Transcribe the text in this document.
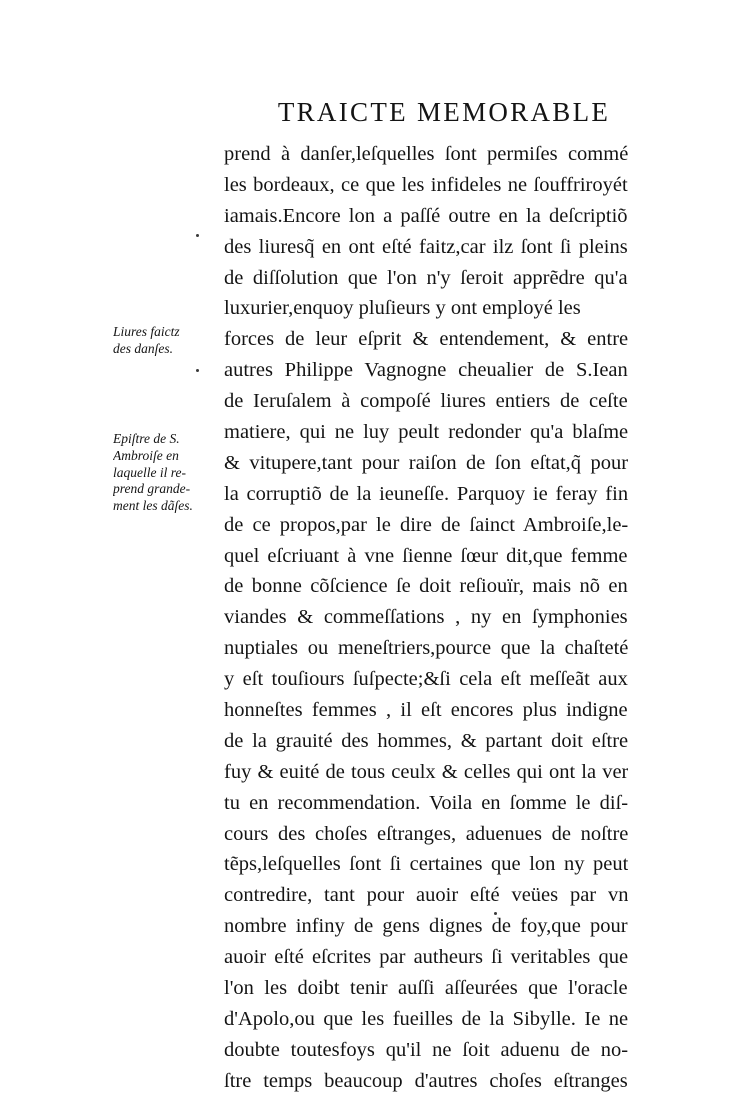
TRAICTE MEMORABLE
Liures faictz
des danſes.
Epiſtre de S.
Ambroiſe en
laquelle il re-
prend grande-
ment les dãſes.
prend à danſer,leſquelles ſont permiſes commé
les bordeaux, ce que les infideles ne ſouffriroyét
iamais.Encore lon a paſſé outre en la deſcriptiõ
des liuresq̃ en ont eſté faitz,car ilz ſont ſi pleins
de diſſolution que l'on n'y ſeroit apprẽdre qu'a
luxurier,enquoy pluſieurs y ont employé les
forces de leur eſprit & entendement, & entre
autres Philippe Vagnogne cheualier de S.Iean
de Ieruſalem à compoſé liures entiers de ceſte
matiere, qui ne luy peult redonder qu'a blaſme
& vitupere,tant pour raiſon de ſon eſtat,q̃ pour
la corruptiõ de la ieuneſſe. Parquoy ie feray fin
de ce propos,par le dire de ſainct Ambroiſe,le-
quel eſcriuant à vne ſienne ſœur dit,que femme
de bonne cõſcience ſe doit reſiouïr, mais nõ en
viandes & commeſſations , ny en ſymphonies
nuptiales ou meneſtriers,pource que la chaſteté
y eſt touſiours ſuſpecte;&ſi cela eſt meſſeãt aux
honneſtes femmes , il eſt encores plus indigne
de la grauité des hommes, & partant doit eſtre
fuy & euité de tous ceulx & celles qui ont la ver
tu en recommendation. Voila en ſomme le diſ-
cours des choſes eſtranges, aduenues de noſtre
tẽps,leſquelles ſont ſi certaines que lon ny peut
contredire, tant pour auoir eſté veües par vn
nombre infiny de gens dignes de foy,que pour
auoir eſté eſcrites par autheurs ſi veritables que
l'on les doibt tenir auſſi aſſeurées que l'oracle
d'Apolo,ou que les fueilles de la Sibylle. Ie ne
doubte toutesfoys qu'il ne ſoit aduenu de no-
ſtre temps beaucoup d'autres choſes eſtranges
